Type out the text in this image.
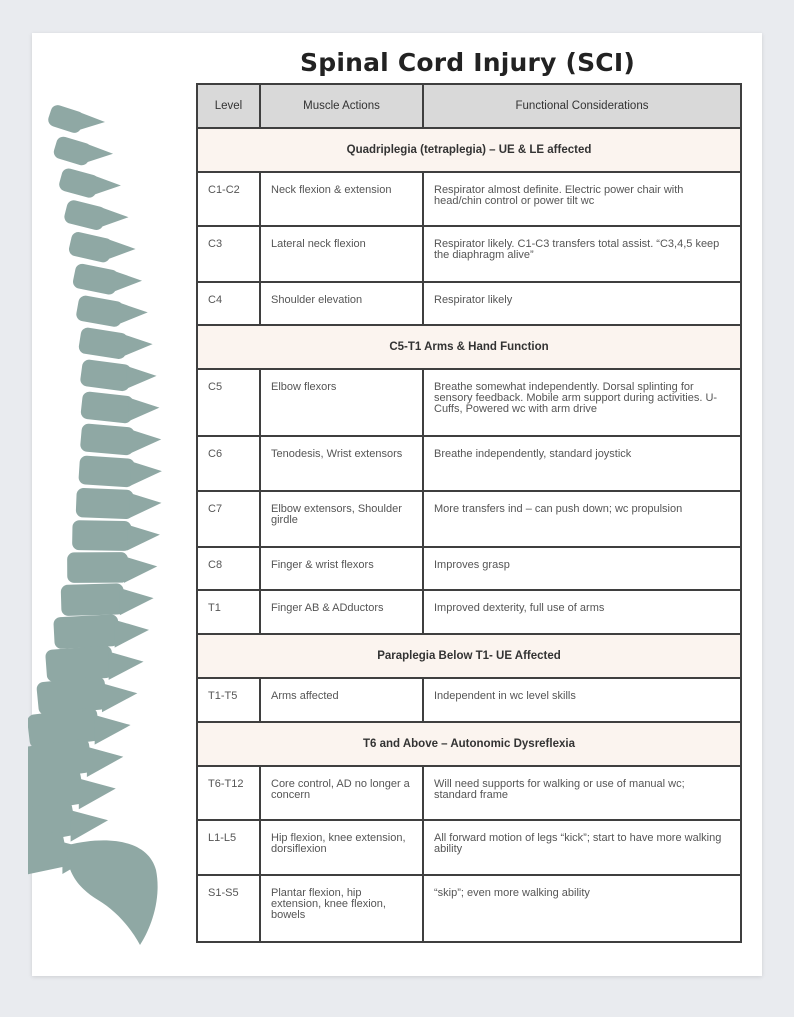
Spinal Cord Injury (SCI)
Level	Muscle Actions	Functional Considerations
Quadriplegia (tetraplegia) – UE & LE affected		
C1-C2	Neck flexion & extension	Respirator almost definite. Electric power chair with head/chin control or power tilt wc
C3	Lateral neck flexion	Respirator likely. C1-C3 transfers total assist. “C3,4,5 keep the diaphragm alive”
C4	Shoulder elevation	Respirator likely
C5-T1 Arms & Hand Function		
C5	Elbow flexors	Breathe somewhat independently. Dorsal splinting for sensory feedback. Mobile arm support during activities. U-Cuffs, Powered wc with arm drive
C6	Tenodesis, Wrist extensors	Breathe independently, standard joystick
C7	Elbow extensors, Shoulder girdle	More transfers ind – can push down; wc propulsion
C8	Finger & wrist flexors	Improves grasp
T1	Finger AB & ADductors	Improved dexterity, full use of arms
Paraplegia Below T1- UE Affected		
T1-T5	Arms affected	Independent in wc level skills
T6 and Above – Autonomic Dysreflexia		
T6-T12	Core control, AD no longer a concern	Will need supports for walking or use of manual wc; standard frame
L1-L5	Hip flexion, knee extension, dorsiflexion	All forward motion of legs “kick”; start to have more walking ability
S1-S5	Plantar flexion, hip extension, knee flexion, bowels	“skip”; even more walking ability
